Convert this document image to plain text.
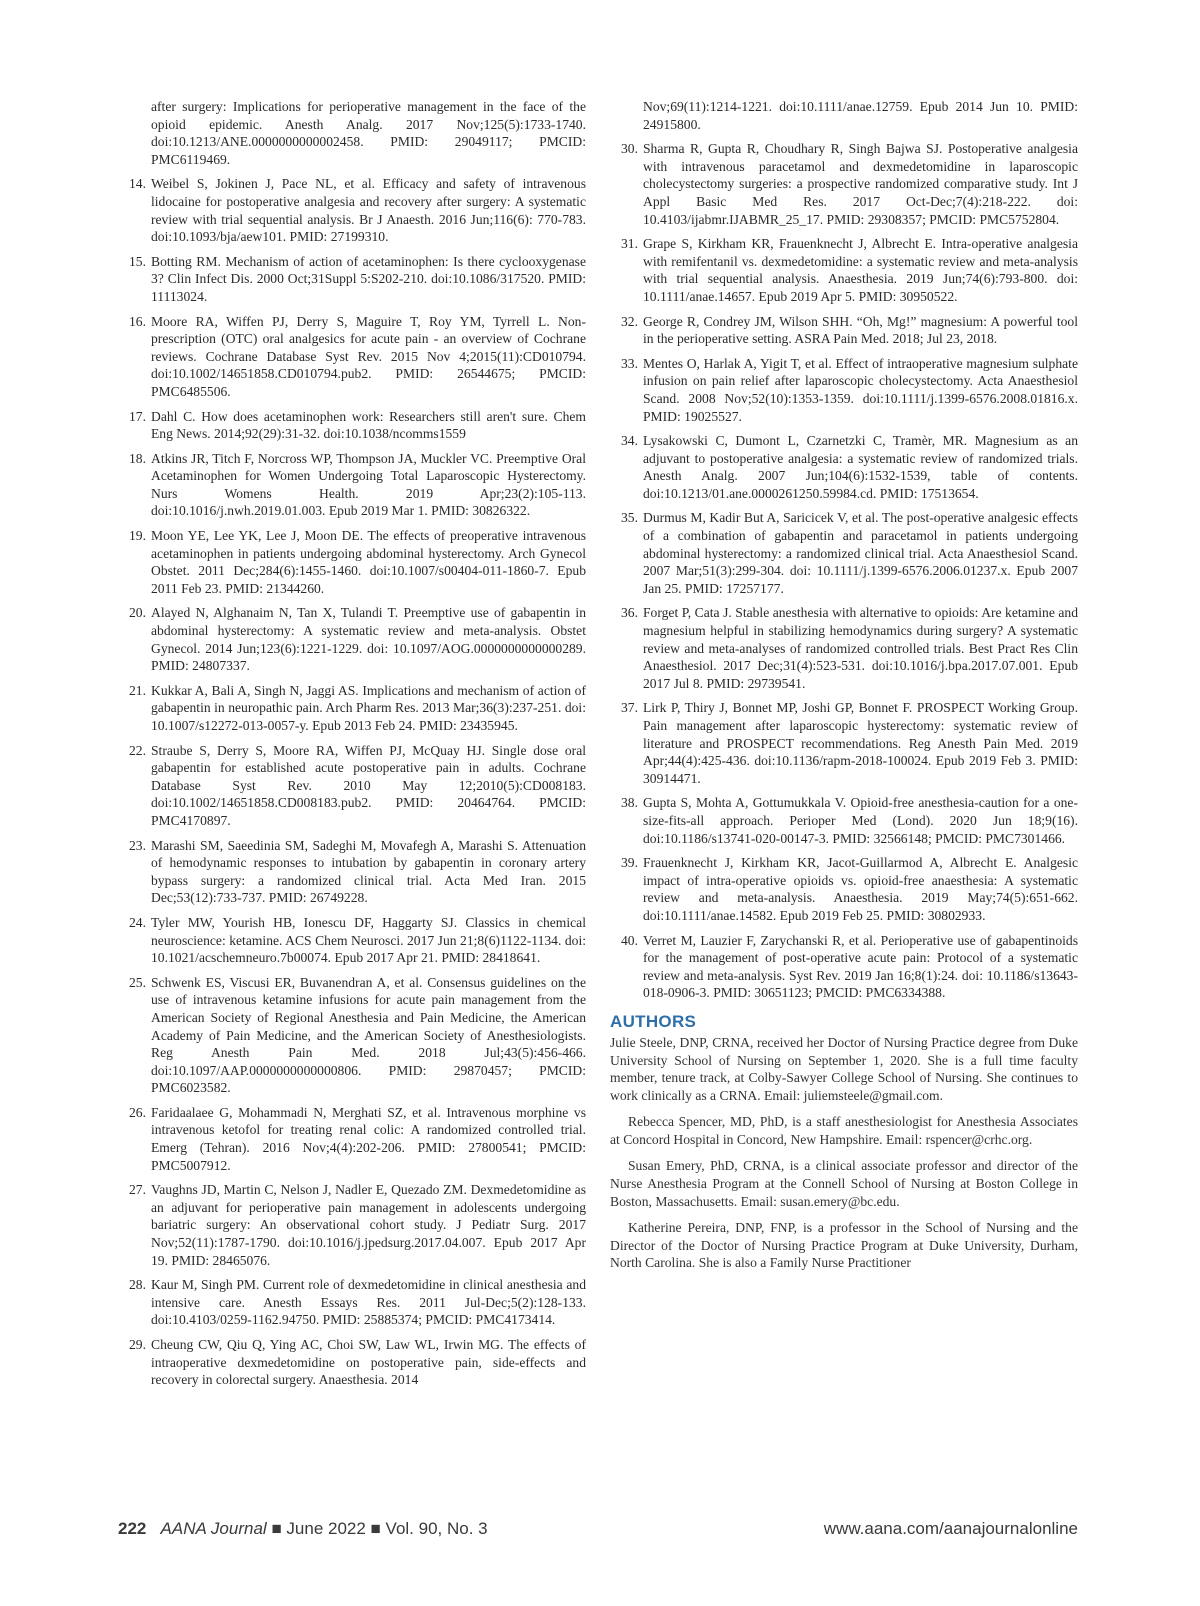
after surgery: Implications for perioperative management in the face of the opioid epidemic. Anesth Analg. 2017 Nov;125(5):1733-1740. doi:10.1213/ANE.0000000000002458. PMID: 29049117; PMCID: PMC6119469.

14. Weibel S, Jokinen J, Pace NL, et al. Efficacy and safety of intravenous lidocaine for postoperative analgesia and recovery after surgery: A systematic review with trial sequential analysis. Br J Anaesth. 2016 Jun;116(6): 770-783. doi:10.1093/bja/aew101. PMID: 27199310.

15. Botting RM. Mechanism of action of acetaminophen: Is there cyclooxygenase 3? Clin Infect Dis. 2000 Oct;31Suppl 5:S202-210. doi:10.1086/317520. PMID: 11113024.

16. Moore RA, Wiffen PJ, Derry S, Maguire T, Roy YM, Tyrrell L. Non-prescription (OTC) oral analgesics for acute pain - an overview of Cochrane reviews. Cochrane Database Syst Rev. 2015 Nov 4;2015(11):CD010794. doi:10.1002/14651858.CD010794.pub2. PMID: 26544675; PMCID: PMC6485506.

17. Dahl C. How does acetaminophen work: Researchers still aren't sure. Chem Eng News. 2014;92(29):31-32. doi:10.1038/ncomms1559

18. Atkins JR, Titch F, Norcross WP, Thompson JA, Muckler VC. Preemptive Oral Acetaminophen for Women Undergoing Total Laparoscopic Hysterectomy. Nurs Womens Health. 2019 Apr;23(2):105-113. doi:10.1016/j.nwh.2019.01.003. Epub 2019 Mar 1. PMID: 30826322.

19. Moon YE, Lee YK, Lee J, Moon DE. The effects of preoperative intravenous acetaminophen in patients undergoing abdominal hysterectomy. Arch Gynecol Obstet. 2011 Dec;284(6):1455-1460. doi:10.1007/s00404-011-1860-7. Epub 2011 Feb 23. PMID: 21344260.

20. Alayed N, Alghanaim N, Tan X, Tulandi T. Preemptive use of gabapentin in abdominal hysterectomy: A systematic review and meta-analysis. Obstet Gynecol. 2014 Jun;123(6):1221-1229. doi: 10.1097/AOG.0000000000000289. PMID: 24807337.

21. Kukkar A, Bali A, Singh N, Jaggi AS. Implications and mechanism of action of gabapentin in neuropathic pain. Arch Pharm Res. 2013 Mar;36(3):237-251. doi: 10.1007/s12272-013-0057-y. Epub 2013 Feb 24. PMID: 23435945.

22. Straube S, Derry S, Moore RA, Wiffen PJ, McQuay HJ. Single dose oral gabapentin for established acute postoperative pain in adults. Cochrane Database Syst Rev. 2010 May 12;2010(5):CD008183. doi:10.1002/14651858.CD008183.pub2. PMID: 20464764. PMCID: PMC4170897.

23. Marashi SM, Saeedinia SM, Sadeghi M, Movafegh A, Marashi S. Attenuation of hemodynamic responses to intubation by gabapentin in coronary artery bypass surgery: a randomized clinical trial. Acta Med Iran. 2015 Dec;53(12):733-737. PMID: 26749228.

24. Tyler MW, Yourish HB, Ionescu DF, Haggarty SJ. Classics in chemical neuroscience: ketamine. ACS Chem Neurosci. 2017 Jun 21;8(6)1122-1134. doi: 10.1021/acschemneuro.7b00074. Epub 2017 Apr 21. PMID: 28418641.

25. Schwenk ES, Viscusi ER, Buvanendran A, et al. Consensus guidelines on the use of intravenous ketamine infusions for acute pain management from the American Society of Regional Anesthesia and Pain Medicine, the American Academy of Pain Medicine, and the American Society of Anesthesiologists. Reg Anesth Pain Med. 2018 Jul;43(5):456-466. doi:10.1097/AAP.0000000000000806. PMID: 29870457; PMCID: PMC6023582.

26. Faridaalaee G, Mohammadi N, Merghati SZ, et al. Intravenous morphine vs intravenous ketofol for treating renal colic: A randomized controlled trial. Emerg (Tehran). 2016 Nov;4(4):202-206. PMID: 27800541; PMCID: PMC5007912.

27. Vaughns JD, Martin C, Nelson J, Nadler E, Quezado ZM. Dexmedetomidine as an adjuvant for perioperative pain management in adolescents undergoing bariatric surgery: An observational cohort study. J Pediatr Surg. 2017 Nov;52(11):1787-1790. doi:10.1016/j.jpedsurg.2017.04.007. Epub 2017 Apr 19. PMID: 28465076.

28. Kaur M, Singh PM. Current role of dexmedetomidine in clinical anesthesia and intensive care. Anesth Essays Res. 2011 Jul-Dec;5(2):128-133. doi:10.4103/0259-1162.94750. PMID: 25885374; PMCID: PMC4173414.

29. Cheung CW, Qiu Q, Ying AC, Choi SW, Law WL, Irwin MG. The effects of intraoperative dexmedetomidine on postoperative pain, side-effects and recovery in colorectal surgery. Anaesthesia. 2014

Nov;69(11):1214-1221. doi:10.1111/anae.12759. Epub 2014 Jun 10. PMID: 24915800.

30. Sharma R, Gupta R, Choudhary R, Singh Bajwa SJ. Postoperative analgesia with intravenous paracetamol and dexmedetomidine in laparoscopic cholecystectomy surgeries: a prospective randomized comparative study. Int J Appl Basic Med Res. 2017 Oct-Dec;7(4):218-222. doi: 10.4103/ijabmr.IJABMR_25_17. PMID: 29308357; PMCID: PMC5752804.

31. Grape S, Kirkham KR, Frauenknecht J, Albrecht E. Intra-operative analgesia with remifentanil vs. dexmedetomidine: a systematic review and meta-analysis with trial sequential analysis. Anaesthesia. 2019 Jun;74(6):793-800. doi: 10.1111/anae.14657. Epub 2019 Apr 5. PMID: 30950522.

32. George R, Condrey JM, Wilson SHH. “Oh, Mg!” magnesium: A powerful tool in the perioperative setting. ASRA Pain Med. 2018; Jul 23, 2018.

33. Mentes O, Harlak A, Yigit T, et al. Effect of intraoperative magnesium sulphate infusion on pain relief after laparoscopic cholecystectomy. Acta Anaesthesiol Scand. 2008 Nov;52(10):1353-1359. doi:10.1111/j.1399-6576.2008.01816.x. PMID: 19025527.

34. Lysakowski C, Dumont L, Czarnetzki C, Tramèr, MR. Magnesium as an adjuvant to postoperative analgesia: a systematic review of randomized trials. Anesth Analg. 2007 Jun;104(6):1532-1539, table of contents. doi:10.1213/01.ane.0000261250.59984.cd. PMID: 17513654.

35. Durmus M, Kadir But A, Saricicek V, et al. The post-operative analgesic effects of a combination of gabapentin and paracetamol in patients undergoing abdominal hysterectomy: a randomized clinical trial. Acta Anaesthesiol Scand. 2007 Mar;51(3):299-304. doi: 10.1111/j.1399-6576.2006.01237.x. Epub 2007 Jan 25. PMID: 17257177.

36. Forget P, Cata J. Stable anesthesia with alternative to opioids: Are ketamine and magnesium helpful in stabilizing hemodynamics during surgery? A systematic review and meta-analyses of randomized controlled trials. Best Pract Res Clin Anaesthesiol. 2017 Dec;31(4):523-531. doi:10.1016/j.bpa.2017.07.001. Epub 2017 Jul 8. PMID: 29739541.

37. Lirk P, Thiry J, Bonnet MP, Joshi GP, Bonnet F. PROSPECT Working Group. Pain management after laparoscopic hysterectomy: systematic review of literature and PROSPECT recommendations. Reg Anesth Pain Med. 2019 Apr;44(4):425-436. doi:10.1136/rapm-2018-100024. Epub 2019 Feb 3. PMID: 30914471.

38. Gupta S, Mohta A, Gottumukkala V. Opioid-free anesthesia-caution for a one-size-fits-all approach. Perioper Med (Lond). 2020 Jun 18;9(16). doi:10.1186/s13741-020-00147-3. PMID: 32566148; PMCID: PMC7301466.

39. Frauenknecht J, Kirkham KR, Jacot-Guillarmod A, Albrecht E. Analgesic impact of intra-operative opioids vs. opioid-free anaesthesia: A systematic review and meta-analysis. Anaesthesia. 2019 May;74(5):651-662. doi:10.1111/anae.14582. Epub 2019 Feb 25. PMID: 30802933.

40. Verret M, Lauzier F, Zarychanski R, et al. Perioperative use of gabapentinoids for the management of post-operative acute pain: Protocol of a systematic review and meta-analysis. Syst Rev. 2019 Jan 16;8(1):24. doi: 10.1186/s13643-018-0906-3. PMID: 30651123; PMCID: PMC6334388.

AUTHORS

Julie Steele, DNP, CRNA, received her Doctor of Nursing Practice degree from Duke University School of Nursing on September 1, 2020. She is a full time faculty member, tenure track, at Colby-Sawyer College School of Nursing. She continues to work clinically as a CRNA. Email: juliemsteele@gmail.com.

Rebecca Spencer, MD, PhD, is a staff anesthesiologist for Anesthesia Associates at Concord Hospital in Concord, New Hampshire. Email: rspencer@crhc.org.

Susan Emery, PhD, CRNA, is a clinical associate professor and director of the Nurse Anesthesia Program at the Connell School of Nursing at Boston College in Boston, Massachusetts. Email: susan.emery@bc.edu.

Katherine Pereira, DNP, FNP, is a professor in the School of Nursing and the Director of the Doctor of Nursing Practice Program at Duke University, Durham, North Carolina. She is also a Family Nurse Practitioner

222 AANA Journal ■ June 2022 ■ Vol. 90, No. 3	www.aana.com/aanajournalonline
